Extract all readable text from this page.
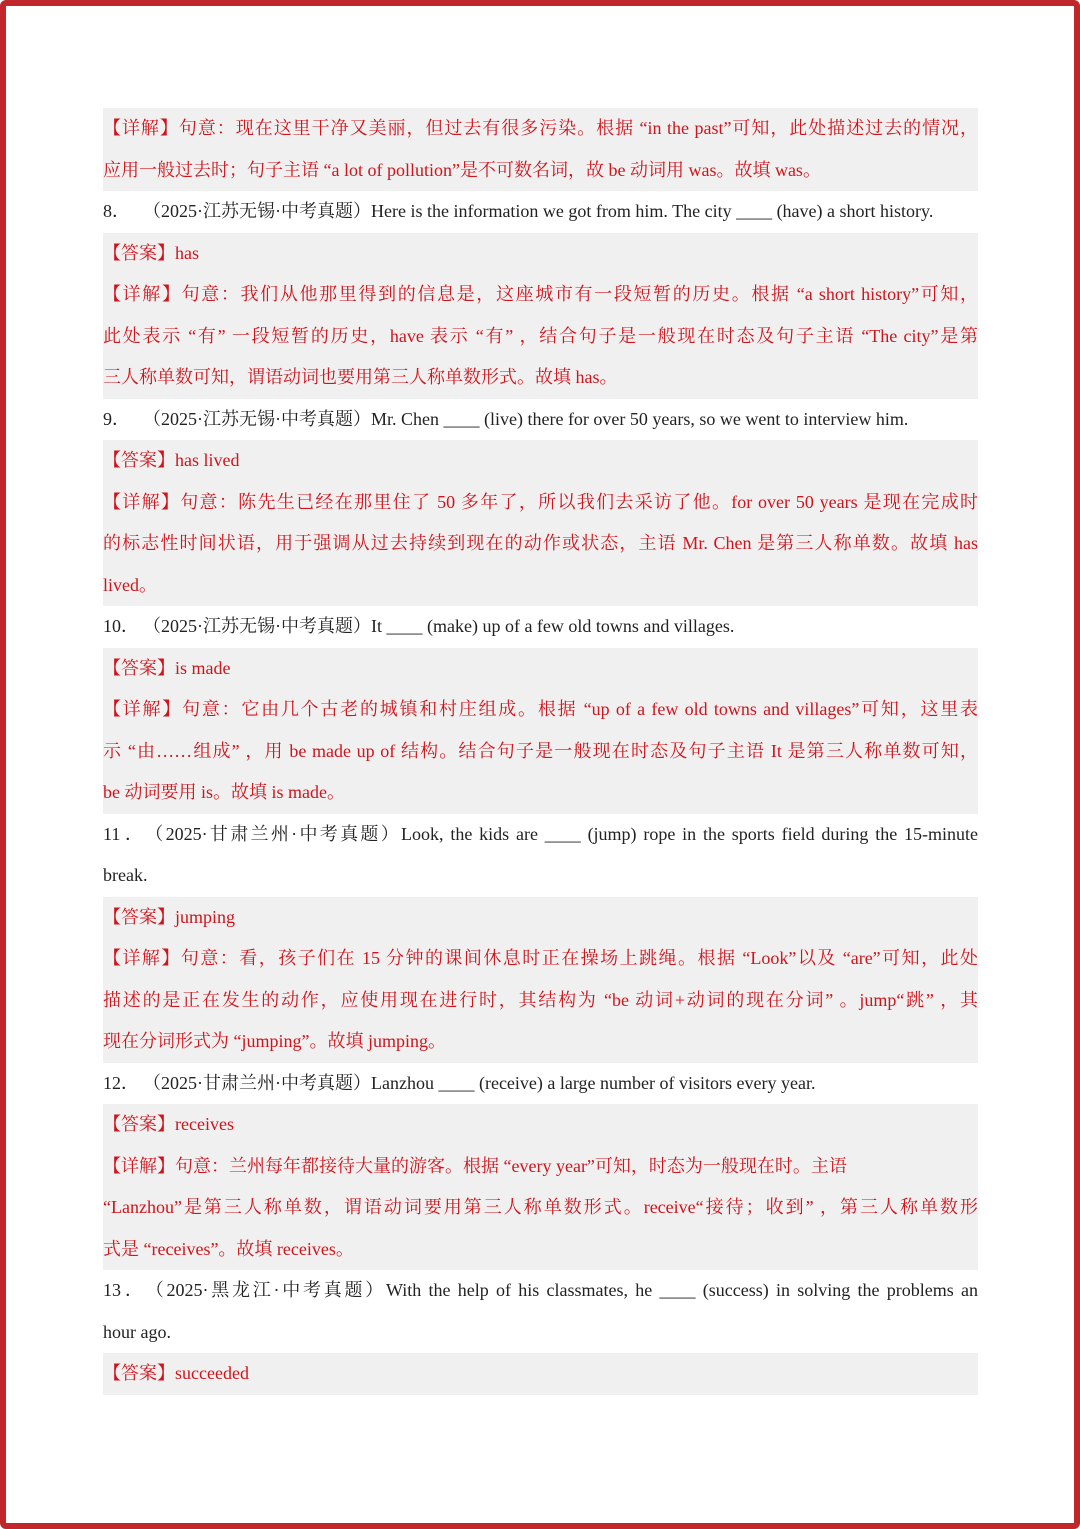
【详解】句意：现在这里干净又美丽，但过去有很多污染。根据 “in the past”可知，此处描述过去的情况，
应用一般过去时；句子主语 “a lot of pollution”是不可数名词，故 be 动词用 was。故填 was。
8． （2025·江苏无锡·中考真题）Here is the information we got from him. The city ____ (have) a short history.
【答案】has
【详解】句意：我们从他那里得到的信息是，这座城市有一段短暂的历史。根据 “a short history”可知，
此处表示 “有” 一段短暂的历史，have 表示 “有” ，结合句子是一般现在时态及句子主语 “The city”是第
三人称单数可知，谓语动词也要用第三人称单数形式。故填 has。
9． （2025·江苏无锡·中考真题）Mr. Chen ____ (live) there for over 50 years, so we went to interview him.
【答案】has lived
【详解】句意：陈先生已经在那里住了 50 多年了，所以我们去采访了他。for over 50 years 是现在完成时
的标志性时间状语，用于强调从过去持续到现在的动作或状态，主语 Mr. Chen 是第三人称单数。故填 has
lived。
10． （2025·江苏无锡·中考真题）It ____ (make) up of a few old towns and villages.
【答案】is made
【详解】句意：它由几个古老的城镇和村庄组成。根据 “up of a few old towns and villages”可知，这里表
示 “由……组成” ，用 be made up of 结构。结合句子是一般现在时态及句子主语 It 是第三人称单数可知，
be 动词要用 is。故填 is made。
11．（2025·甘肃兰州·中考真题）Look, the kids are ____ (jump) rope in the sports field during the 15-minute
break.
【答案】jumping
【详解】句意：看，孩子们在 15 分钟的课间休息时正在操场上跳绳。根据 “Look”以及 “are”可知，此处
描述的是正在发生的动作，应使用现在进行时，其结构为 “be 动词+动词的现在分词” 。jump“跳” ，其
现在分词形式为 “jumping”。故填 jumping。
12． （2025·甘肃兰州·中考真题）Lanzhou ____ (receive) a large number of visitors every year.
【答案】receives
【详解】句意：兰州每年都接待大量的游客。根据 “every year”可知，时态为一般现在时。主语
“Lanzhou”是第三人称单数，谓语动词要用第三人称单数形式。receive“接待；收到” ，第三人称单数形
式是 “receives”。故填 receives。
13．（2025·黑龙江·中考真题）With the help of his classmates, he ____ (success) in solving the problems an
hour ago.
【答案】succeeded
